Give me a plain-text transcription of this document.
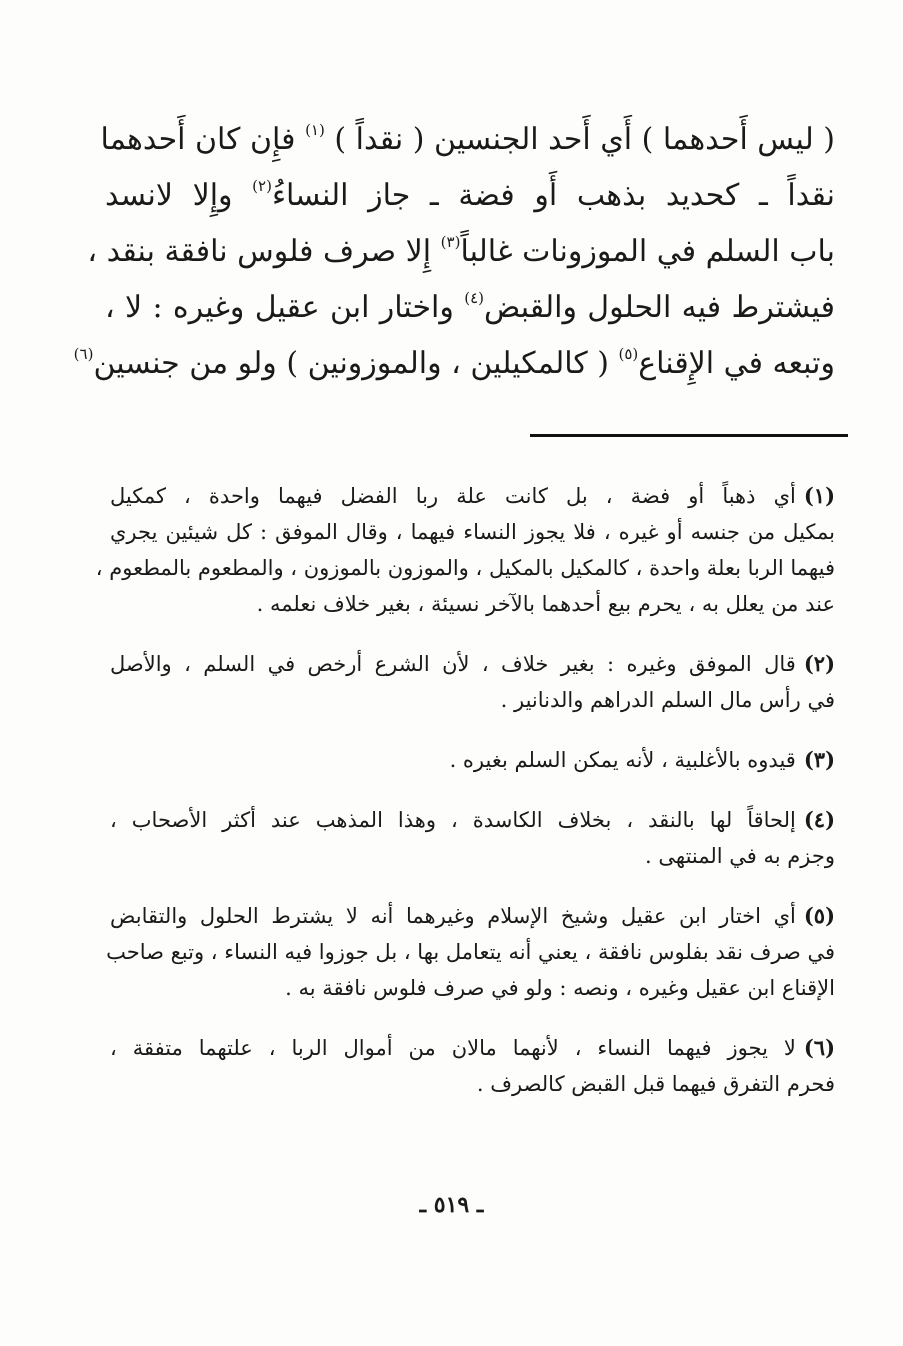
( ليس أَحدهما ) أَي أَحد الجنسين ( نقداً ) $^{(١)}$ فإِن كان أَحدهما
نقداً ـ كحديد بذهب أَو فضة ـ جاز النساءُ$^{(٢)}$ وإِلا لانسد
باب السلم في الموزونات غالباً$^{(٣)}$ إِلا صرف فلوس نافقة بنقد ،
فيشترط فيه الحلول والقبض$^{(٤)}$ واختار ابن عقيل وغيره : لا ،
وتبعه في الإِقناع$^{(٥)}$ ( كالمكيلين ، والموزونين ) ولو من جنسين$^{(٦)}$
(١)أي ذهباً أو فضة ، بل كانت علة ربا الفضل فيهما واحدة ، كمكيل
بمكيل من جنسه أو غيره ، فلا يجوز النساء فيهما ، وقال الموفق : كل شيئين يجري
فيهما الربا بعلة واحدة ، كالمكيل بالمكيل ، والموزون بالموزون ، والمطعوم بالمطعوم ،
عند من يعلل به ، يحرم بيع أحدهما بالآخر نسيئة ، بغير خلاف نعلمه .
(٢)قال الموفق وغيره : بغير خلاف ، لأن الشرع أرخص في السلم ، والأصل
في رأس مال السلم الدراهم والدنانير .
(٣)قيدوه بالأغلبية ، لأنه يمكن السلم بغيره .
(٤)إلحاقاً لها بالنقد ، بخلاف الكاسدة ، وهذا المذهب عند أكثر الأصحاب ،
وجزم به في المنتهى .
(٥)أي اختار ابن عقيل وشيخ الإسلام وغيرهما أنه لا يشترط الحلول والتقابض
في صرف نقد بفلوس نافقة ، يعني أنه يتعامل بها ، بل جوزوا فيه النساء ، وتبع صاحب
الإقناع ابن عقيل وغيره ، ونصه : ولو في صرف فلوس نافقة به .
(٦)لا يجوز فيهما النساء ، لأنهما مالان من أموال الربا ، علتهما متفقة ،
فحرم التفرق فيهما قبل القبض كالصرف .
ـ ٥١٩ ـ
